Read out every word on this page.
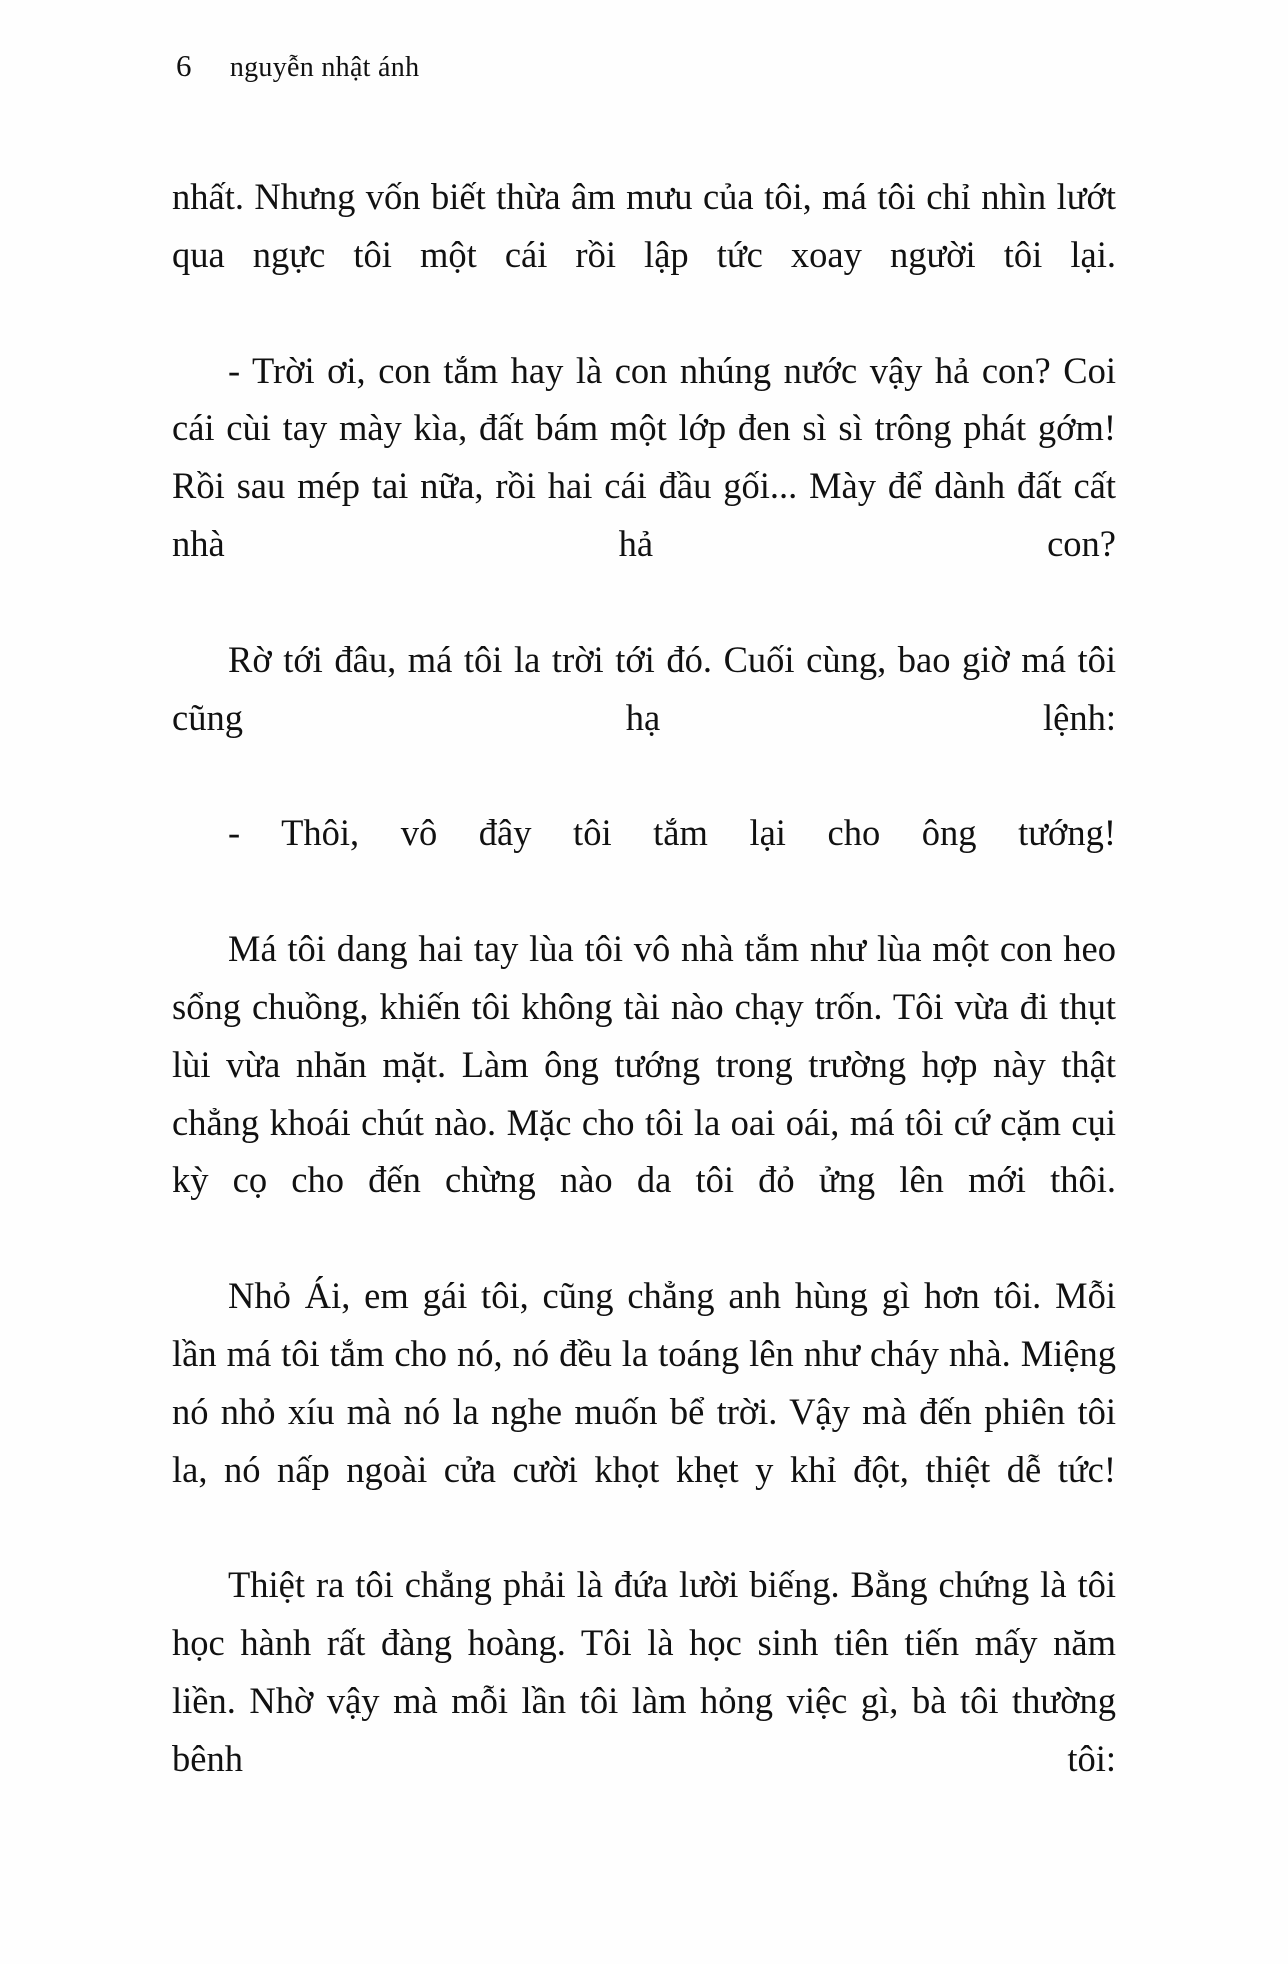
6 nguyễn nhật ánh

nhất. Nhưng vốn biết thừa âm mưu của tôi, má tôi chỉ nhìn lướt qua ngực tôi một cái rồi lập tức xoay người tôi lại.

- Trời ơi, con tắm hay là con nhúng nước vậy hả con? Coi cái cùi tay mày kìa, đất bám một lớp đen sì sì trông phát gớm! Rồi sau mép tai nữa, rồi hai cái đầu gối... Mày để dành đất cất nhà hả con?

Rờ tới đâu, má tôi la trời tới đó. Cuối cùng, bao giờ má tôi cũng hạ lệnh:

- Thôi, vô đây tôi tắm lại cho ông tướng!

Má tôi dang hai tay lùa tôi vô nhà tắm như lùa một con heo sổng chuồng, khiến tôi không tài nào chạy trốn. Tôi vừa đi thụt lùi vừa nhăn mặt. Làm ông tướng trong trường hợp này thật chẳng khoái chút nào. Mặc cho tôi la oai oái, má tôi cứ cặm cụi kỳ cọ cho đến chừng nào da tôi đỏ ửng lên mới thôi.

Nhỏ Ái, em gái tôi, cũng chẳng anh hùng gì hơn tôi. Mỗi lần má tôi tắm cho nó, nó đều la toáng lên như cháy nhà. Miệng nó nhỏ xíu mà nó la nghe muốn bể trời. Vậy mà đến phiên tôi la, nó nấp ngoài cửa cười khọt khẹt y khỉ đột, thiệt dễ tức!

Thiệt ra tôi chẳng phải là đứa lười biếng. Bằng chứng là tôi học hành rất đàng hoàng. Tôi là học sinh tiên tiến mấy năm liền. Nhờ vậy mà mỗi lần tôi làm hỏng việc gì, bà tôi thường bênh tôi:
